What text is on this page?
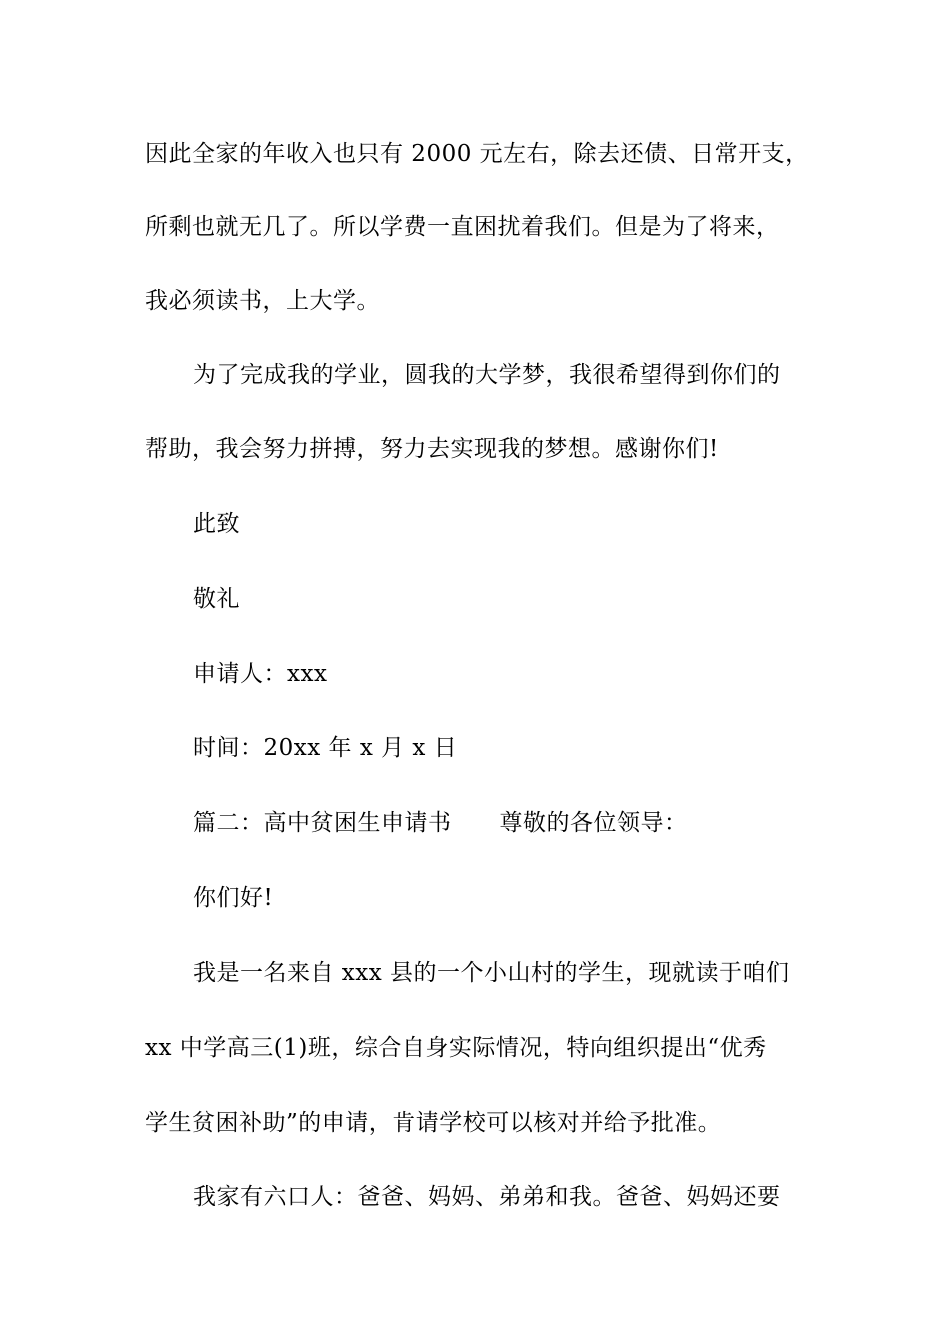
因此全家的年收入也只有 2000 元左右，除去还债、日常开支，
所剩也就无几了。所以学费一直困扰着我们。但是为了将来，
我必须读书，上大学。
为了完成我的学业，圆我的大学梦，我很希望得到你们的
帮助，我会努力拼搏，努力去实现我的梦想。感谢你们!
此致
敬礼
申请人：xxx
时间：20xx 年 x 月 x 日
篇二：高中贫困生申请书 尊敬的各位领导：
你们好!
我是一名来自 xxx 县的一个小山村的学生，现就读于咱们
xx 中学高三(1)班，综合自身实际情况，特向组织提出“优秀
学生贫困补助”的申请，肯请学校可以核对并给予批准。
我家有六口人：爸爸、妈妈、弟弟和我。爸爸、妈妈还要
